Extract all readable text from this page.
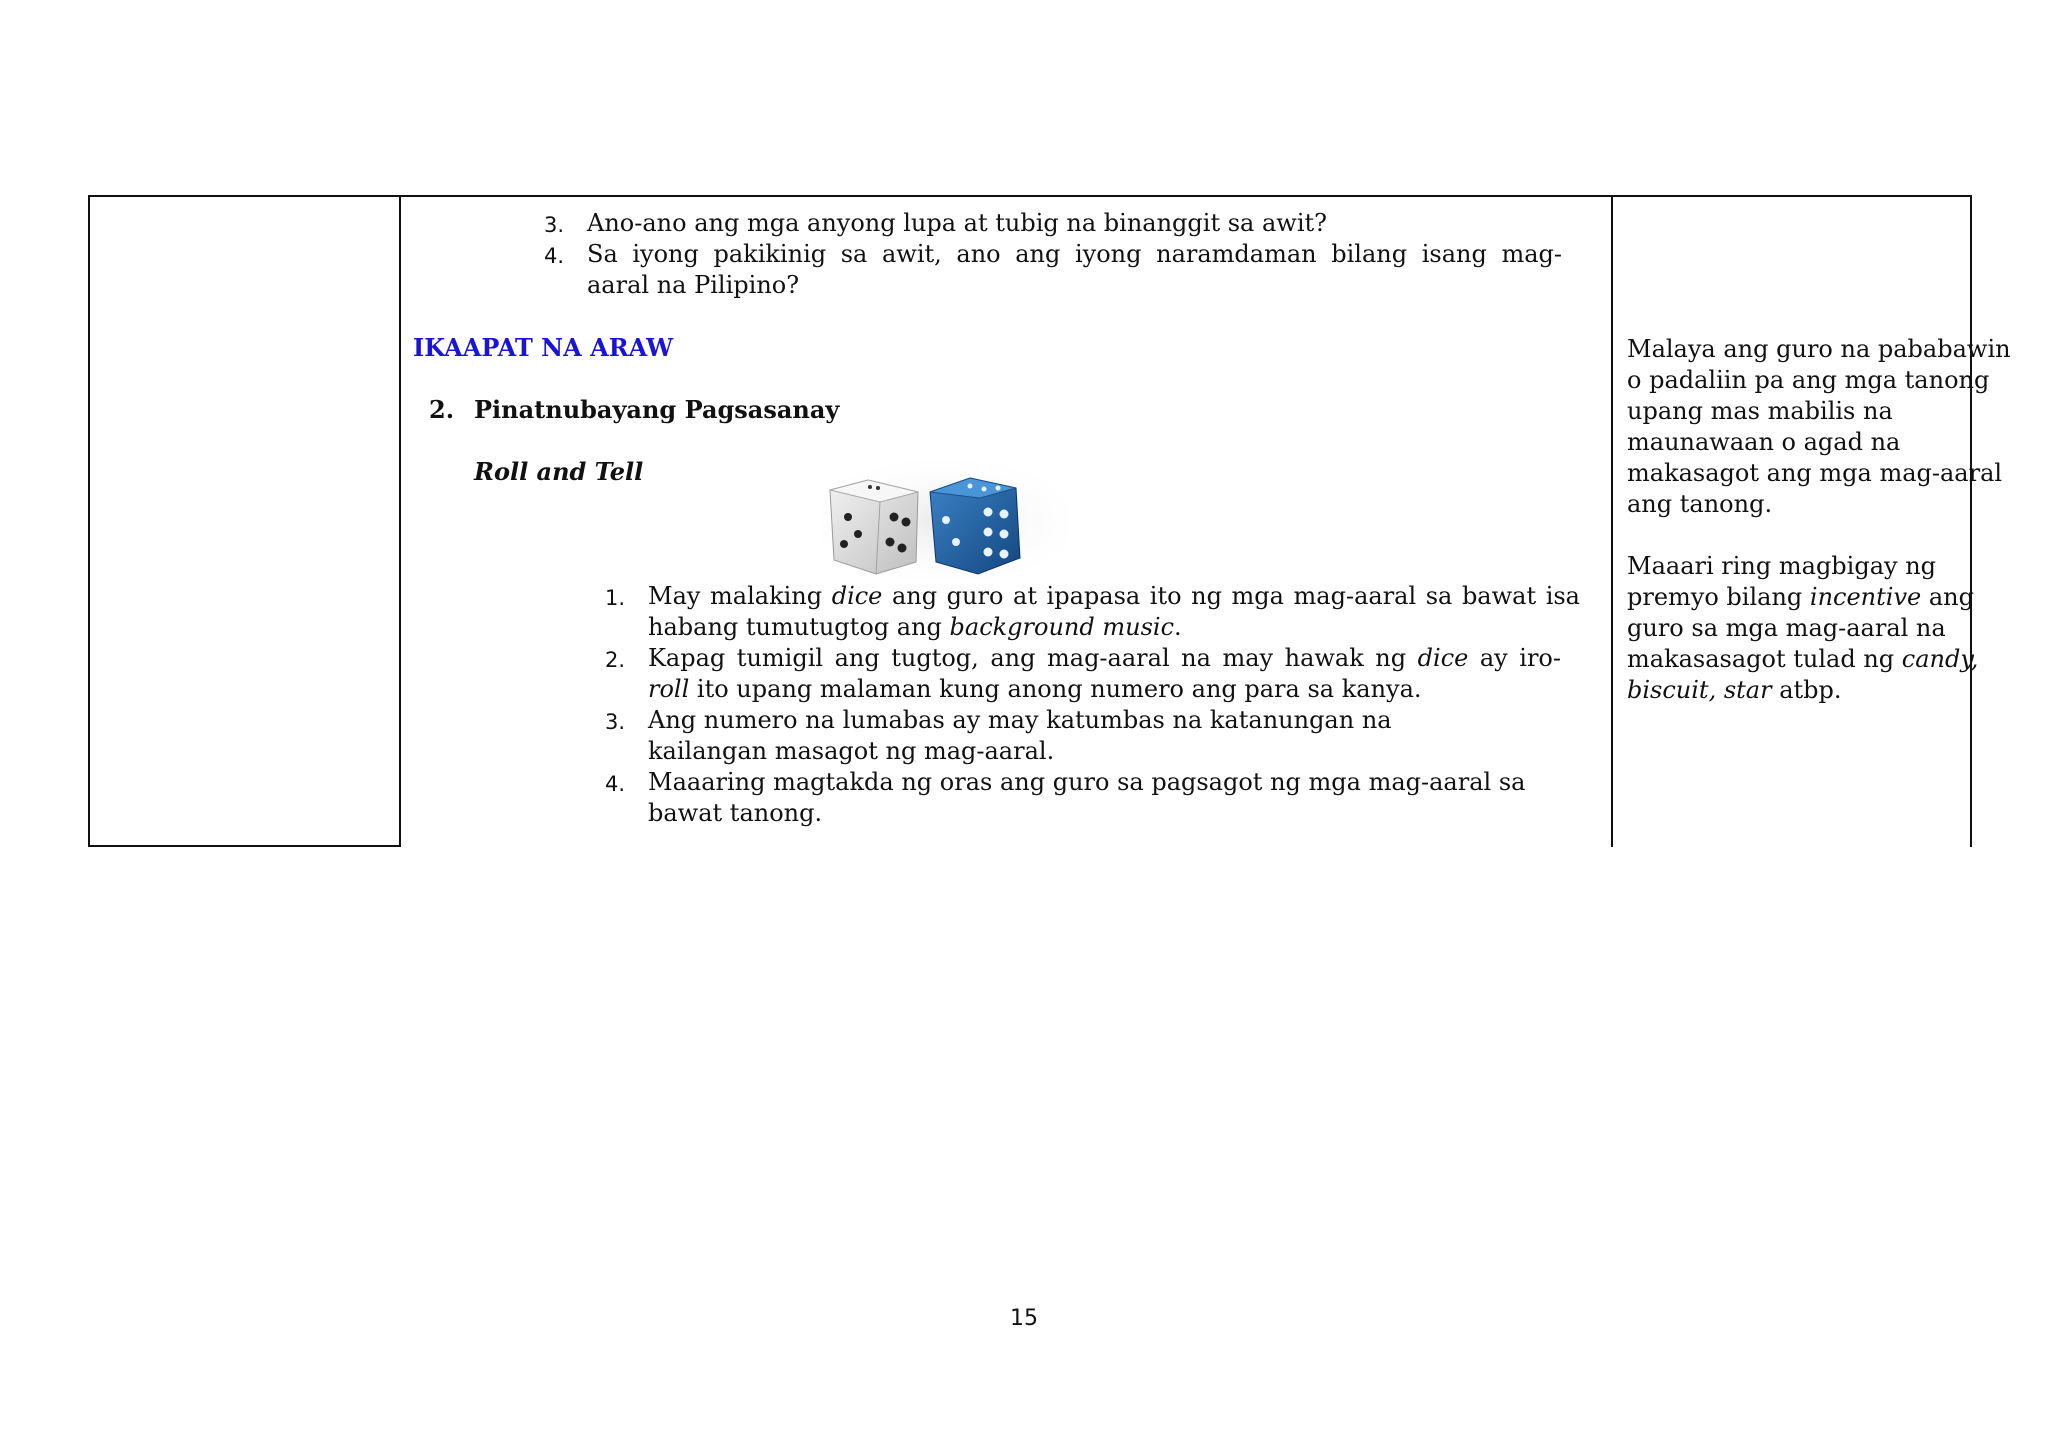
3. Ano-ano ang mga anyong lupa at tubig na binanggit sa awit?
4. Sa iyong pakikinig sa awit, ano ang iyong naramdaman bilang isang mag-
aaral na Pilipino?
IKAAPAT NA ARAW
2. Pinatnubayang Pagsasanay
Roll and Tell
1. May malaking dice ang guro at ipapasa ito ng mga mag-aaral sa bawat isa
habang tumutugtog ang background music.
2. Kapag tumigil ang tugtog, ang mag-aaral na may hawak ng dice ay iro-
roll ito upang malaman kung anong numero ang para sa kanya.
3. Ang numero na lumabas ay may katumbas na katanungan na
kailangan masagot ng mag-aaral.
4. Maaaring magtakda ng oras ang guro sa pagsagot ng mga mag-aaral sa
bawat tanong.
Malaya ang guro na pababawin
o padaliin pa ang mga tanong
upang mas mabilis na
maunawaan o agad na
makasagot ang mga mag-aaral
ang tanong.
Maaari ring magbigay ng
premyo bilang incentive ang
guro sa mga mag-aaral na
makasasagot tulad ng candy,
biscuit, star atbp.
15
